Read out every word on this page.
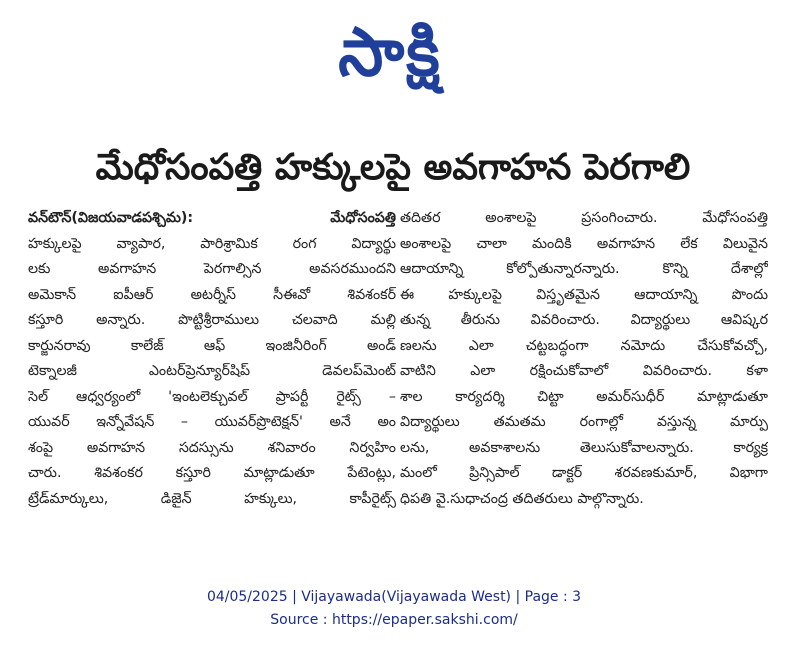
సాక్షి
మేధోసంపత్తి హక్కులపై అవగాహన పెరగాలి
వన్‌టౌన్(విజయవాడపశ్చిమ): మేధోసంపత్తి
హక్కులపై వ్యాపార, పారిశ్రామిక రంగ విద్యార్థు
లకు అవగాహన పెరగాల్సిన అవసరముందని
అమెకాన్ ఐపీఆర్ అటర్నీస్ సీఈవో శివశంకర్
కస్తూరి అన్నారు. పొట్టిశ్రీరాములు చలవాది మల్లి
కార్జునరావు కాలేజ్ ఆఫ్ ఇంజినీరింగ్ అండ్
టెక్నాలజీ ఎంటర్‌ప్రెన్యూర్‌షిప్ డెవలప్‌మెంట్
సెల్ ఆధ్వర్యంలో 'ఇంటలెక్చువల్ ప్రాపర్టీ రైట్స్ –
యువర్ ఇన్నోవేషన్ – యువర్‌ప్రొటెక్షన్' అనే అం
శంపై అవగాహన సదస్సును శనివారం నిర్వహిం
చారు. శివశంకర కస్తూరి మాట్లాడుతూ పేటెంట్లు,
ట్రేడ్‌మార్కులు, డిజైన్ హక్కులు, కాపీరైట్స్
తదితర అంశాలపై ప్రసంగించారు. మేధోసంపత్తి
అంశాలపై చాలా మందికి అవగాహన లేక విలువైన
ఆదాయాన్ని కోల్పోతున్నారన్నారు. కొన్ని దేశాల్లో
ఈ హక్కులపై విస్తృతమైన ఆదాయాన్ని పొందు
తున్న తీరును వివరించారు. విద్యార్థులు ఆవిష్కర
ణలను ఎలా చట్టబద్ధంగా నమోదు చేసుకోవచ్చో,
వాటిని ఎలా రక్షించుకోవాలో వివరించారు. కళా
శాల కార్యదర్శి చిట్టా అమర్‌సుధీర్ మాట్లాడుతూ
విద్యార్థులు తమతమ రంగాల్లో వస్తున్న మార్పు
లను, అవకాశాలను తెలుసుకోవాలన్నారు. కార్యక్ర
మంలో ప్రిన్సిపాల్ డాక్టర్ శరవణకుమార్, విభాగా
ధిపతి వై.సుధాచంద్ర తదితరులు పాల్గొన్నారు.
04/05/2025 | Vijayawada(Vijayawada West) | Page : 3
Source : https://epaper.sakshi.com/
